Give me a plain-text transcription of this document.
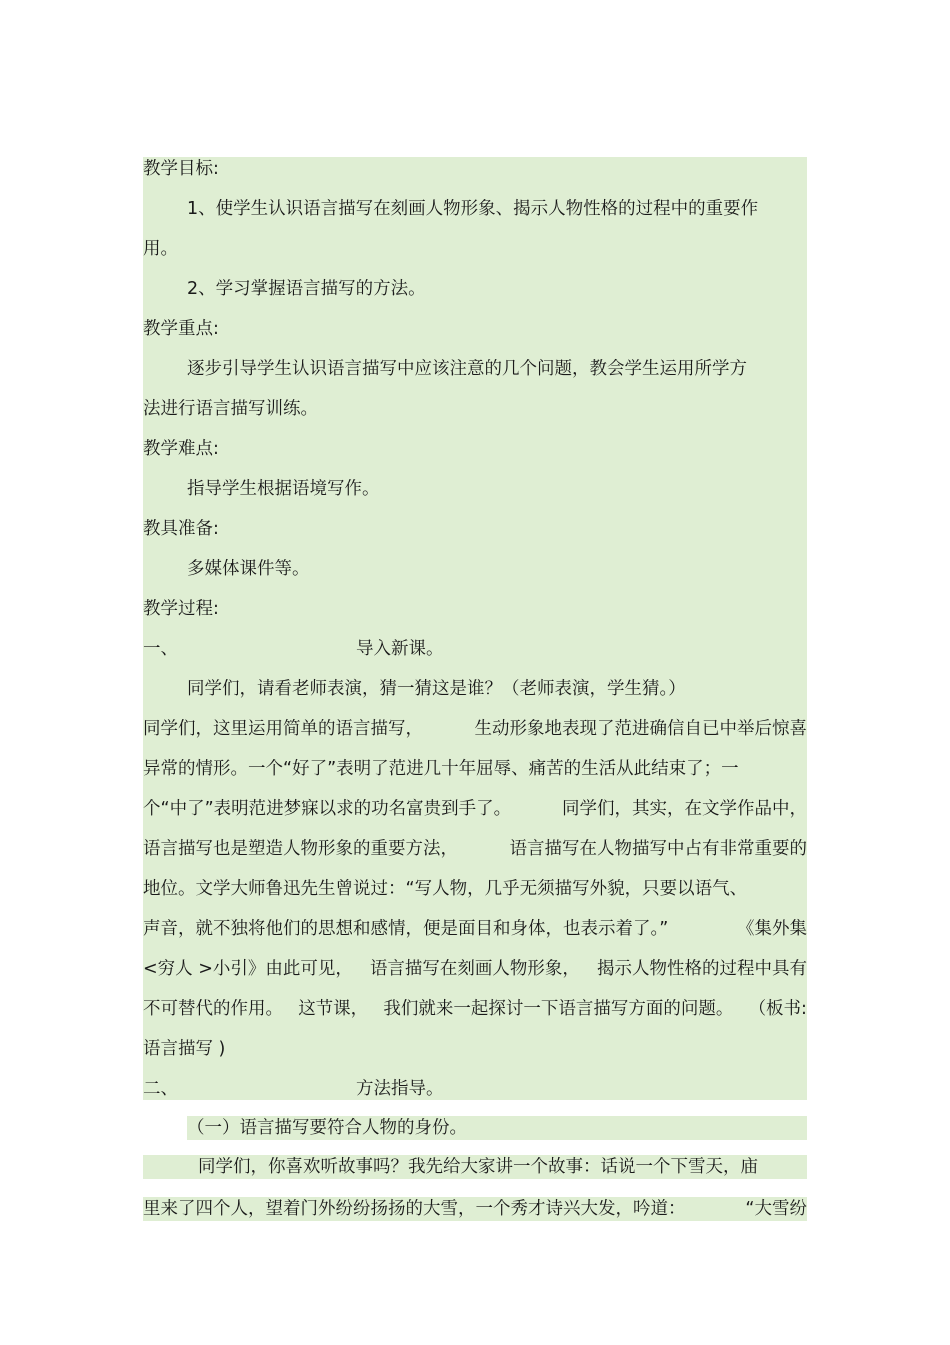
教学目标:
1、使学生认识语言描写在刻画人物形象、揭示人物性格的过程中的重要作
用。
2、学习掌握语言描写的方法。
教学重点:
逐步引导学生认识语言描写中应该注意的几个问题，教会学生运用所学方
法进行语言描写训练。
教学难点:
指导学生根据语境写作。
教具准备:
多媒体课件等。
教学过程:
一、	导入新课。
同学们，请看老师表演，猜一猜这是谁？（老师表演，学生猜。）
同学们，这里运用简单的语言描写，	生动形象地表现了范进确信自已中举后惊喜
异常的情形。一个“好了”表明了范进几十年屈辱、痛苦的生活从此结束了；一
个“中了”表明范进梦寐以求的功名富贵到手了。	同学们，其实，在文学作品中，
语言描写也是塑造人物形象的重要方法，	语言描写在人物描写中占有非常重要的
地位。文学大师鲁迅先生曾说过：“写人物，几乎无须描写外貌，只要以语气、
声音，就不独将他们的思想和感情，便是面目和身体，也表示着了。”	《集外集
<穷人 >小引》由此可见， 语言描写在刻画人物形象， 揭示人物性格的过程中具有
不可替代的作用。 这节课， 我们就来一起探讨一下语言描写方面的问题。 （板书:
语言描写 )
二、	方法指导。
（一）语言描写要符合人物的身份。
同学们，你喜欢听故事吗？我先给大家讲一个故事：话说一个下雪天，庙
里来了四个人，望着门外纷纷扬扬的大雪，一个秀才诗兴大发，吟道：	“大雪纷
